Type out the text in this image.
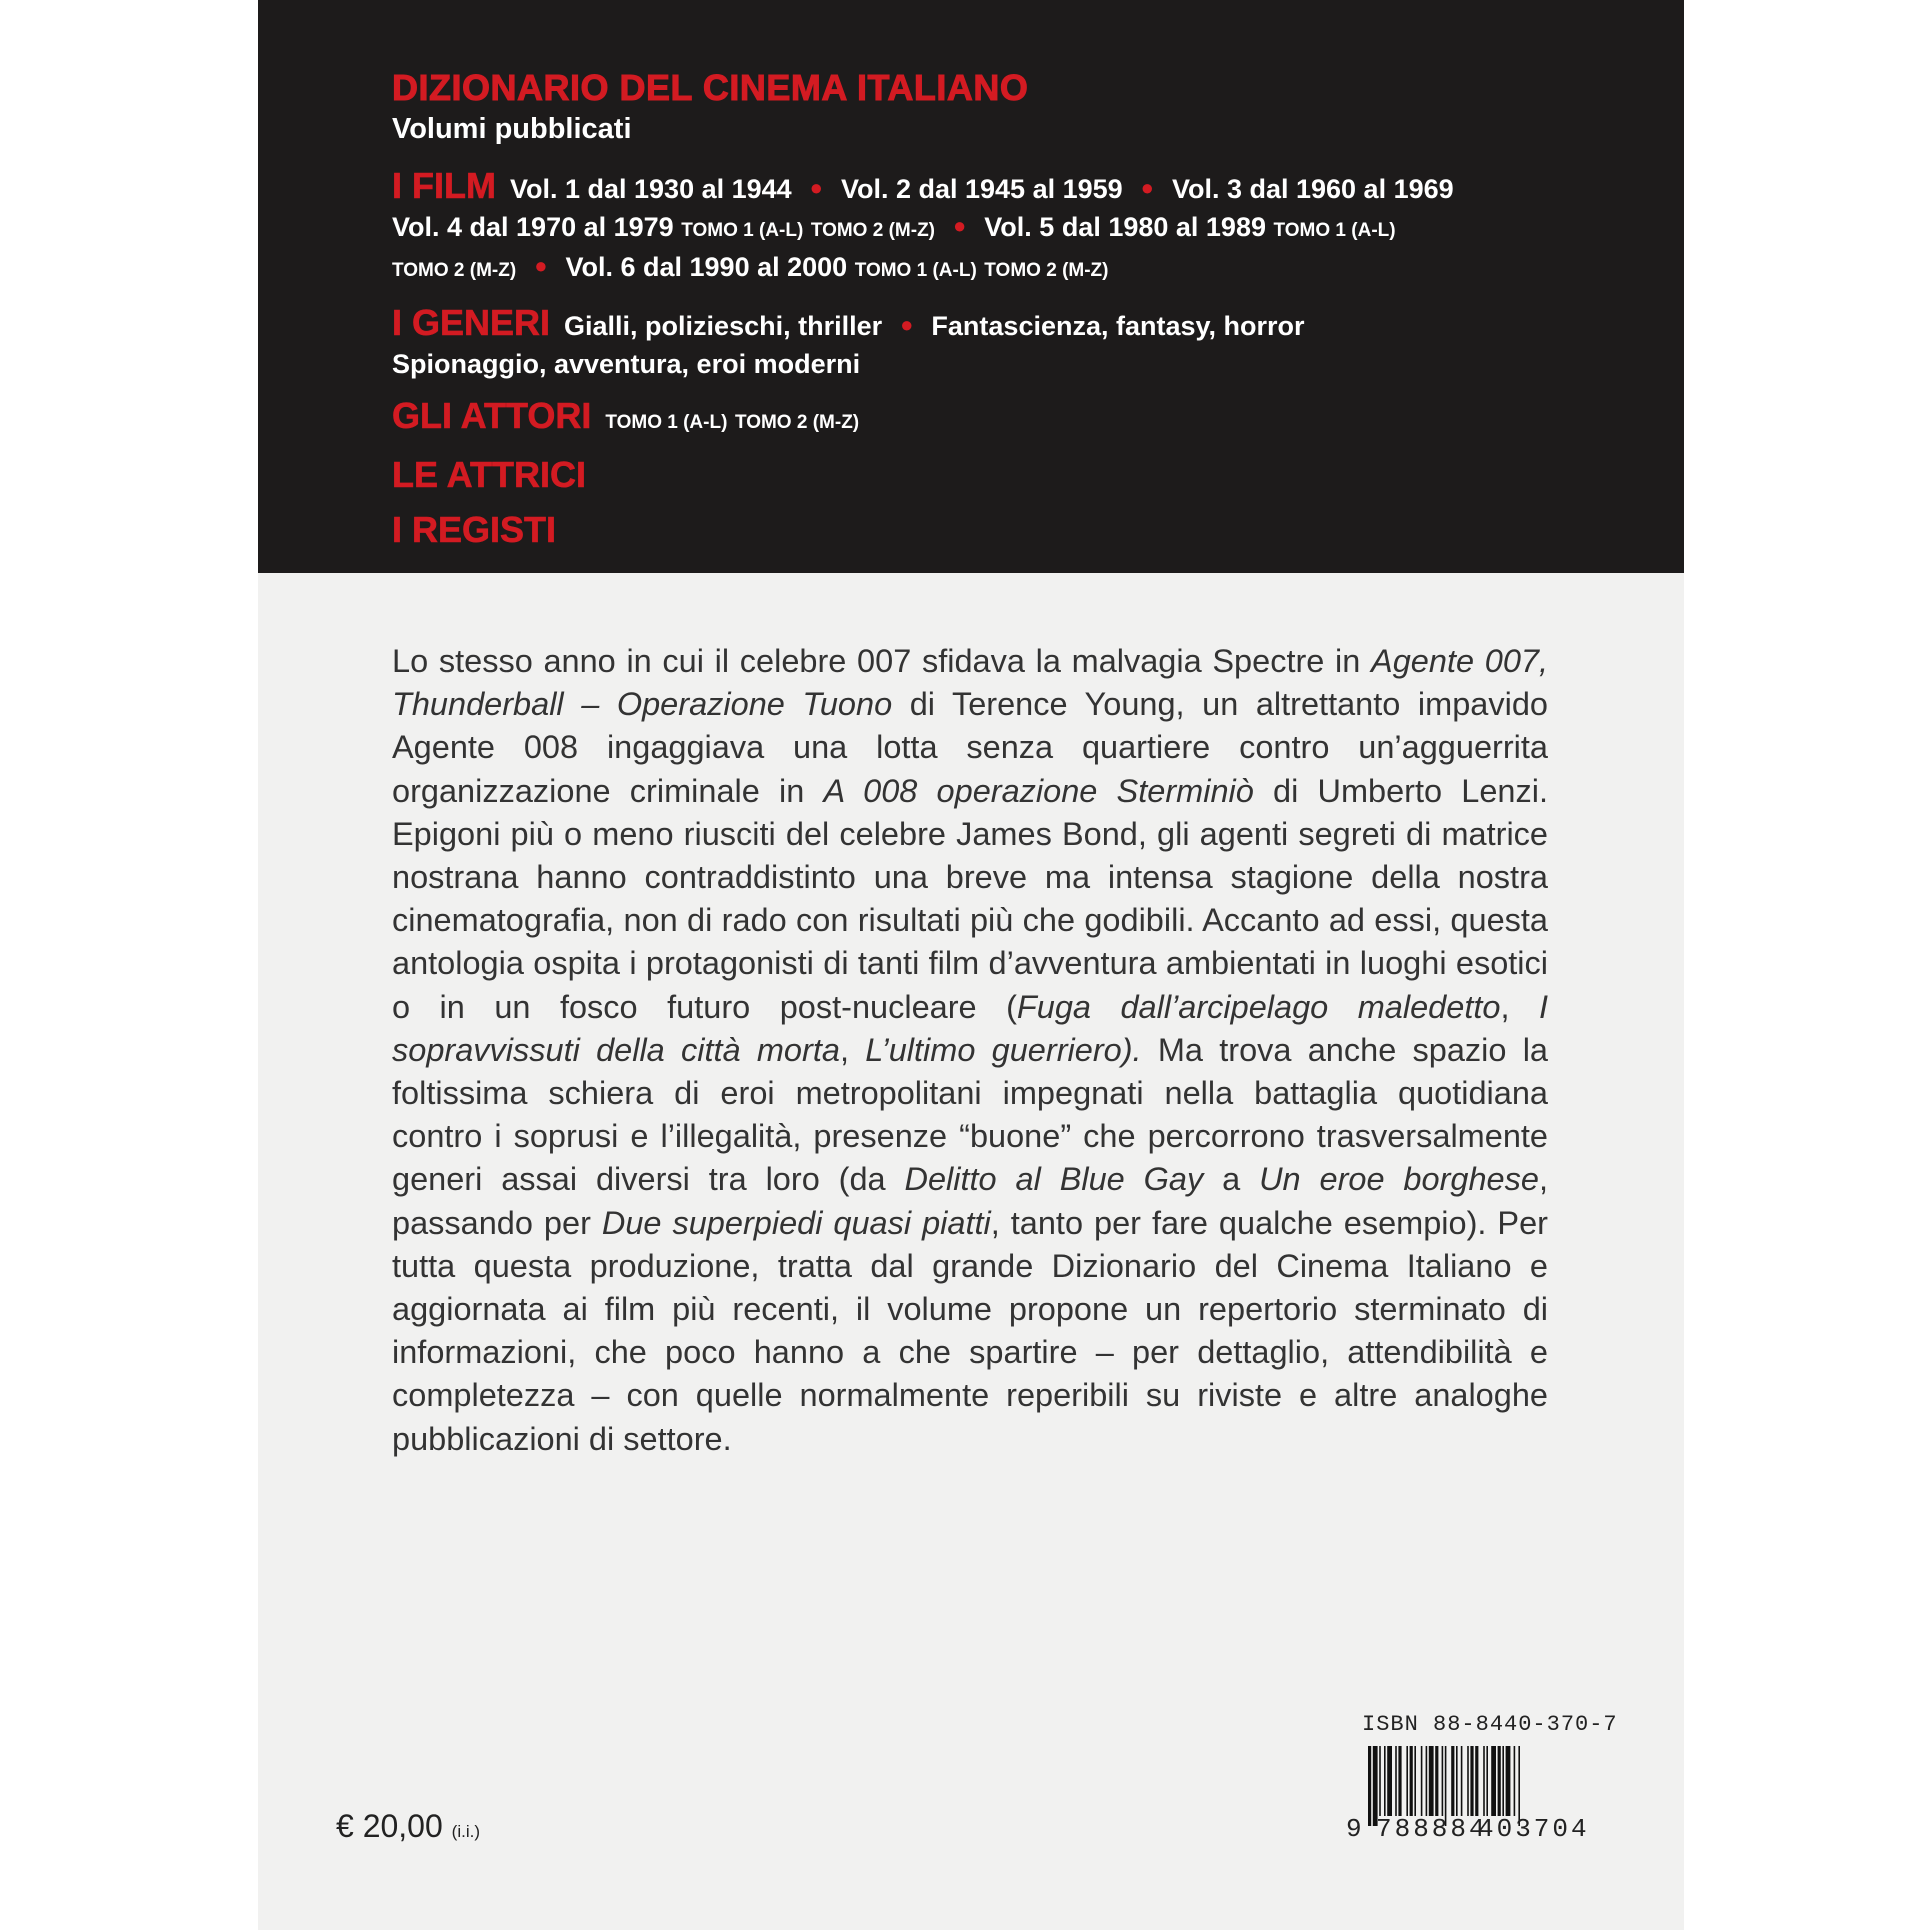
DIZIONARIO DEL CINEMA ITALIANO
Volumi pubblicati
I FILM Vol. 1 dal 1930 al 1944 ● Vol. 2 dal 1945 al 1959 ● Vol. 3 dal 1960 al 1969
Vol. 4 dal 1970 al 1979 TOMO 1 (A-L) TOMO 2 (M-Z) ● Vol. 5 dal 1980 al 1989 TOMO 1 (A-L)
TOMO 2 (M-Z) ● Vol. 6 dal 1990 al 2000 TOMO 1 (A-L) TOMO 2 (M-Z)
I GENERI Gialli, polizieschi, thriller ● Fantascienza, fantasy, horror
Spionaggio, avventura, eroi moderni
GLI ATTORI TOMO 1 (A-L) TOMO 2 (M-Z)
LE ATTRICI
I REGISTI
Lo stesso anno in cui il celebre 007 sfidava la malvagia Spectre in Agente 007, Thunderball – Operazione Tuono di Terence Young, un altrettanto impavido Agente 008 ingaggiava una lotta senza quartiere contro un’agguerrita organizzazione criminale in A 008 operazione Sterminiò di Umberto Lenzi. Epigoni più o meno riusciti del celebre James Bond, gli agenti segreti di matrice nostrana hanno contraddistinto una breve ma intensa stagione della nostra cinematografia, non di rado con risultati più che godibili. Accanto ad essi, questa antologia ospita i protagonisti di tanti film d’avventura ambientati in luoghi esotici o in un fosco futuro post-nucleare (Fuga dall’arcipelago maledetto, I sopravvissuti della città morta, L’ultimo guerriero). Ma trova anche spazio la foltissima schiera di eroi metropolitani impegnati nella battaglia quotidiana contro i soprusi e l’illegalità, presenze “buone” che percorrono trasversalmente generi assai diversi tra loro (da Delitto al Blue Gay a Un eroe borghese, passando per Due superpiedi quasi piatti, tanto per fare qualche esempio). Per tutta questa produzione, tratta dal grande Dizionario del Cinema Italiano e aggiornata ai film più recenti, il volume propone un repertorio sterminato di informazioni, che poco hanno a che spartire – per dettaglio, attendibilità e completezza – con quelle normalmente reperibili su riviste e altre analoghe pubblicazioni di settore.
€ 20,00 (i.i.)
ISBN 88-8440-370-7
9 788884
403704
